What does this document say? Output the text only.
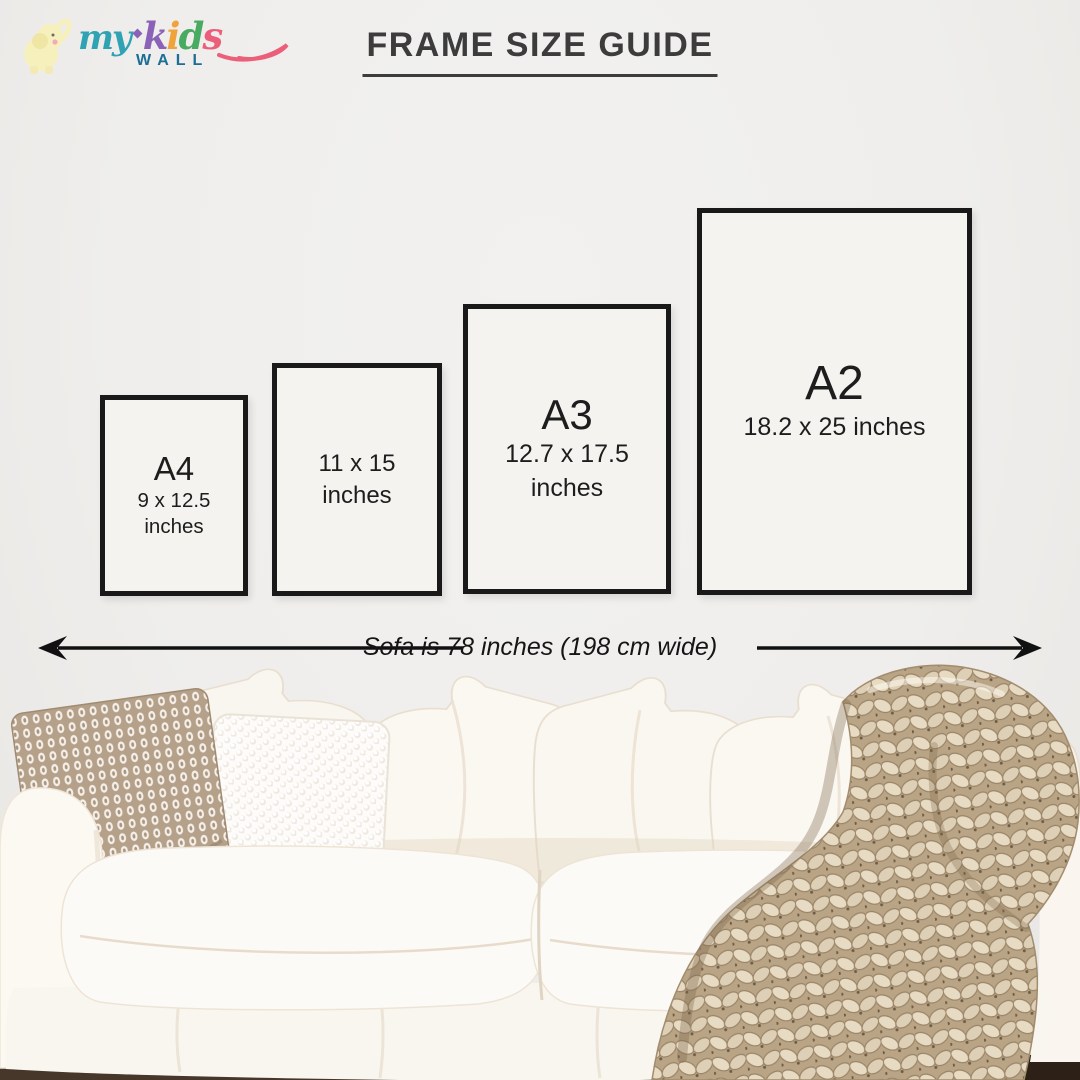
my kids
WALL	FRAME SIZE GUIDE
A4
9 x 12.5
inches
11 x 15
inches
A3
12.7 x 17.5 inches
A2
18.2 x 25 inches
Sofa is 78 inches (198 cm wide)
